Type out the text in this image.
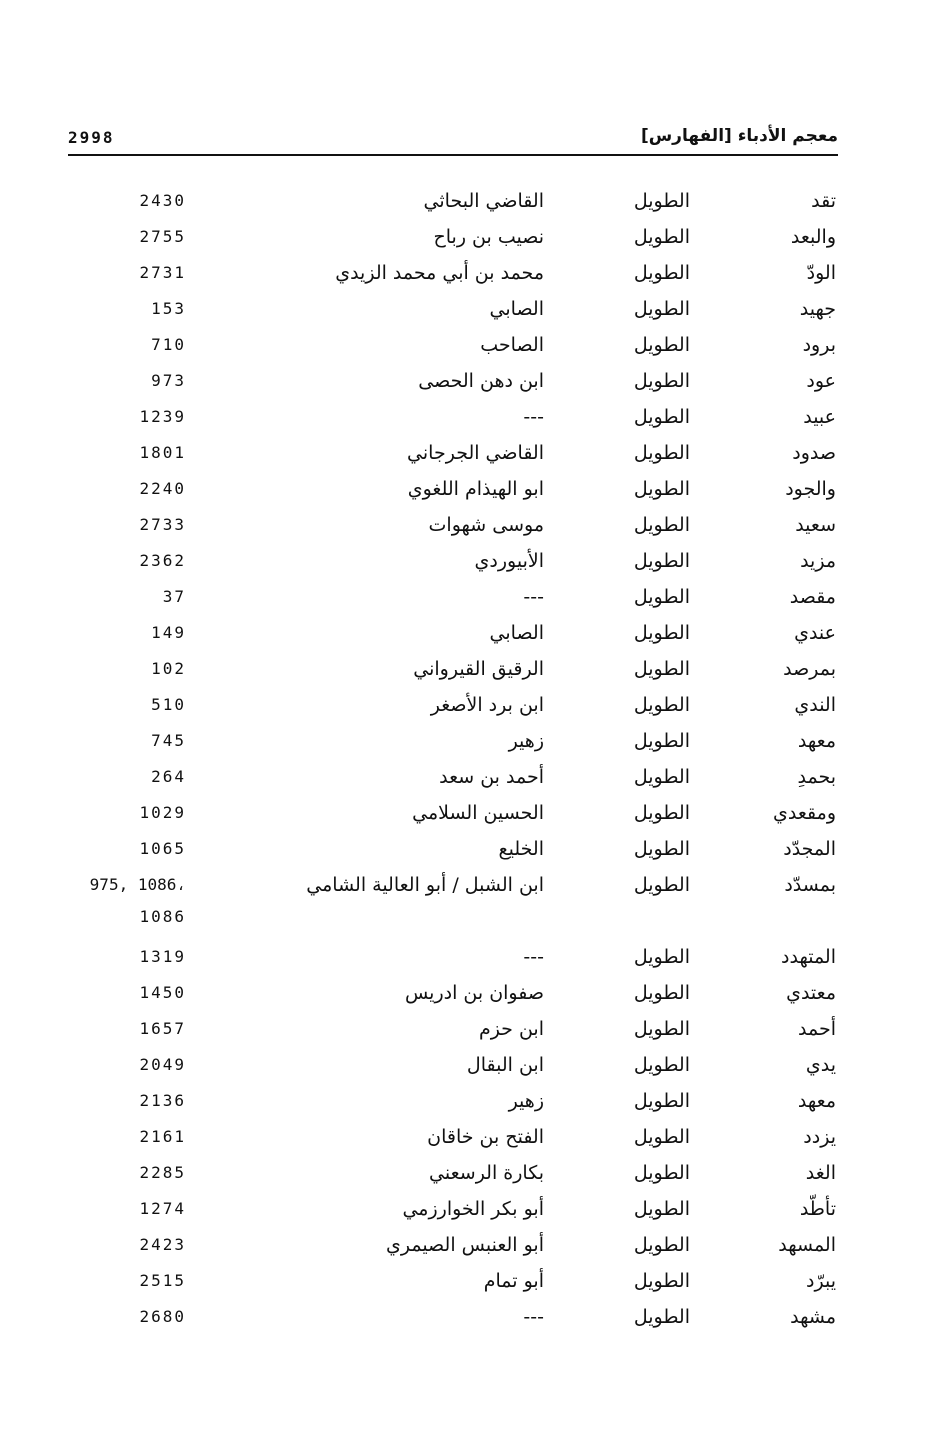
معجم الأدباء [الفهارس]
2998
تقد
الطويل
القاضي البحاثي
2430
والبعد
الطويل
نصيب بن رباح
2755
الودّ
الطويل
محمد بن أبي محمد الزيدي
2731
جهيد
الطويل
الصابي
153
برود
الطويل
الصاحب
710
عود
الطويل
ابن دهن الحصى
973
عبيد
الطويل
---
1239
صدود
الطويل
القاضي الجرجاني
1801
والجود
الطويل
ابو الهيذام اللغوي
2240
سعيد
الطويل
موسى شهوات
2733
مزيد
الطويل
الأبيوردي
2362
مقصد
الطويل
---
37
عندي
الطويل
الصابي
149
بمرصد
الطويل
الرقيق القيرواني
102
الندي
الطويل
ابن برد الأصغر
510
معهد
الطويل
زهير
745
بحمدِ
الطويل
أحمد بن سعد
264
ومقعدي
الطويل
الحسين السلامي
1029
المجدّد
الطويل
الخليع
1065
بمسدّد
الطويل
ابن الشبل / أبو العالية الشامي
975, 1086،
1086
المتهدد
الطويل
---
1319
معتدي
الطويل
صفوان بن ادريس
1450
أحمد
الطويل
ابن حزم
1657
يدي
الطويل
ابن البقال
2049
معهد
الطويل
زهير
2136
يزدد
الطويل
الفتح بن خاقان
2161
الغد
الطويل
بكارة الرسعني
2285
تأطّد
الطويل
أبو بكر الخوارزمي
1274
المسهد
الطويل
أبو العنبس الصيمري
2423
يبرّد
الطويل
أبو تمام
2515
مشهد
الطويل
---
2680
